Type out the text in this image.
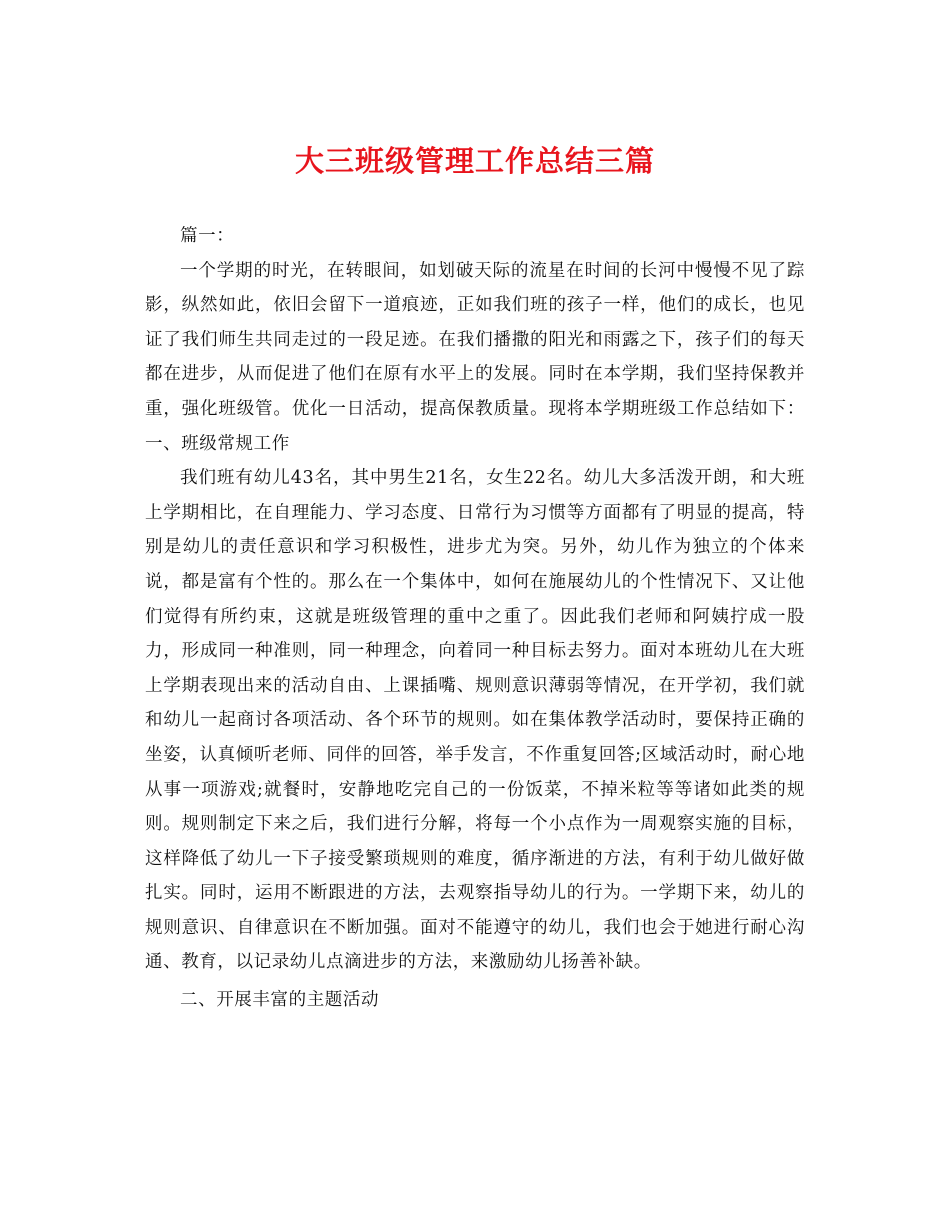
大三班级管理工作总结三篇

篇一：

一个学期的时光，在转眼间，如划破天际的流星在时间的长河中慢慢不见了踪影，纵然如此，依旧会留下一道痕迹，正如我们班的孩子一样，他们的成长，也见证了我们师生共同走过的一段足迹。在我们播撒的阳光和雨露之下，孩子们的每天都在进步，从而促进了他们在原有水平上的发展。同时在本学期，我们坚持保教并重，强化班级管。优化一日活动，提高保教质量。现将本学期班级工作总结如下：一、班级常规工作

我们班有幼儿43名，其中男生21名，女生22名。幼儿大多活泼开朗，和大班上学期相比，在自理能力、学习态度、日常行为习惯等方面都有了明显的提高，特别是幼儿的责任意识和学习积极性，进步尤为突。另外，幼儿作为独立的个体来说，都是富有个性的。那么在一个集体中，如何在施展幼儿的个性情况下、又让他们觉得有所约束，这就是班级管理的重中之重了。因此我们老师和阿姨拧成一股力，形成同一种准则，同一种理念，向着同一种目标去努力。面对本班幼儿在大班上学期表现出来的活动自由、上课插嘴、规则意识薄弱等情况，在开学初，我们就和幼儿一起商讨各项活动、各个环节的规则。如在集体教学活动时，要保持正确的坐姿，认真倾听老师、同伴的回答，举手发言，不作重复回答;区域活动时，耐心地从事一项游戏;就餐时，安静地吃完自己的一份饭菜，不掉米粒等等诸如此类的规则。规则制定下来之后，我们进行分解，将每一个小点作为一周观察实施的目标，这样降低了幼儿一下子接受繁琐规则的难度，循序渐进的方法，有利于幼儿做好做扎实。同时，运用不断跟进的方法，去观察指导幼儿的行为。一学期下来，幼儿的规则意识、自律意识在不断加强。面对不能遵守的幼儿，我们也会于她进行耐心沟通、教育，以记录幼儿点滴进步的方法，来激励幼儿扬善补缺。

二、开展丰富的主题活动
